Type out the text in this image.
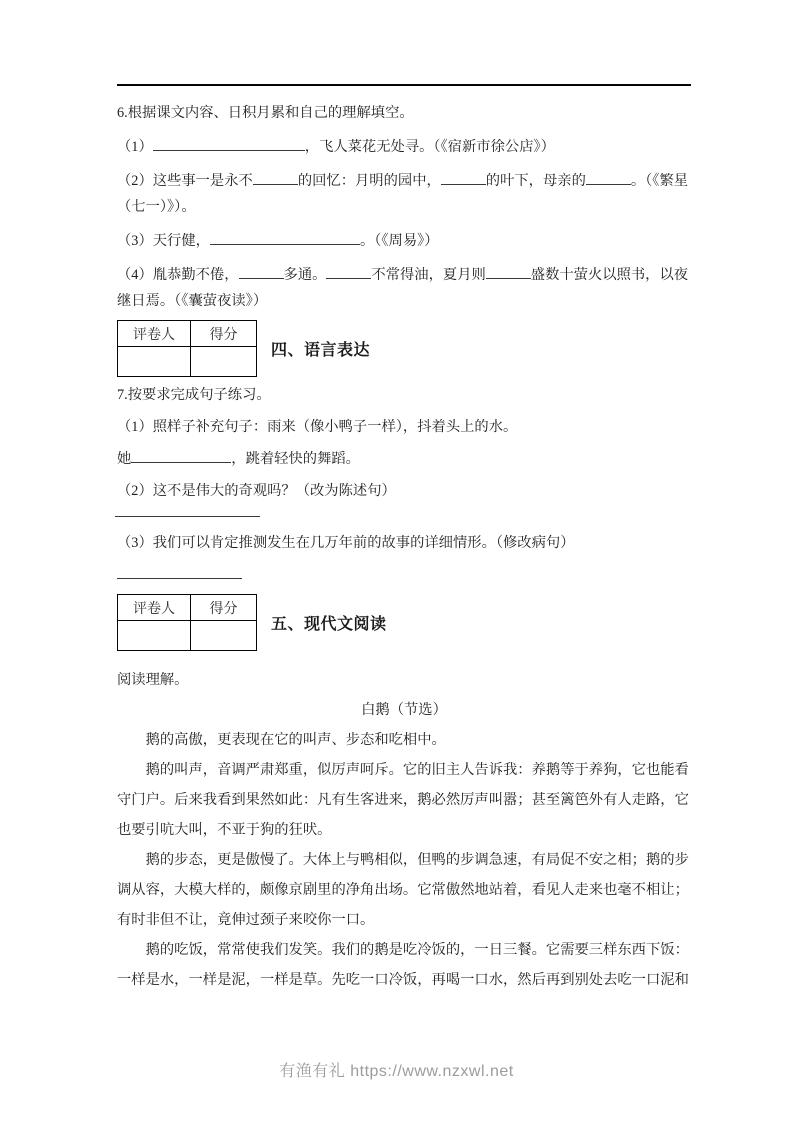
6.根据课文内容、日积月累和自己的理解填空。

（1）	，飞人菜花无处寻。（《宿新市徐公店》）

（2）这些事一是永不	的回忆：月明的园中，	的叶下，母亲的	。（《繁星（七一）》）。

（3）天行健，	。（《周易》）

（4）胤恭勤不倦，	多通。	不常得油，夏月则	盛数十萤火以照书，以夜继日焉。（《囊萤夜读》）

评卷人	得分

四、语言表达

7.按要求完成句子练习。

（1）照样子补充句子：雨来（像小鸭子一样），抖着头上的水。

她	，跳着轻快的舞蹈。

（2）这不是伟大的奇观吗？（改为陈述句）

（3）我们可以肯定推测发生在几万年前的故事的详细情形。（修改病句）
评卷人	得分

五、现代文阅读

阅读理解。

白鹅（节选）

鹅的高傲，更表现在它的叫声、步态和吃相中。

鹅的叫声，音调严肃郑重，似厉声呵斥。它的旧主人告诉我：养鹅等于养狗，它也能看守门户。后来我看到果然如此：凡有生客进来，鹅必然厉声叫嚣；甚至篱笆外有人走路，它也要引吭大叫，不亚于狗的狂吠。

鹅的步态，更是傲慢了。大体上与鸭相似，但鸭的步调急速，有局促不安之相；鹅的步调从容，大模大样的，颇像京剧里的净角出场。它常傲然地站着，看见人走来也毫不相让；有时非但不让，竟伸过颈子来咬你一口。

鹅的吃饭，常常使我们发笑。我们的鹅是吃冷饭的，一日三餐。它需要三样东西下饭：一样是水，一样是泥，一样是草。先吃一口冷饭，再喝一口水，然后再到别处去吃一口泥和

有渔有礼 https://www.nzxwl.net
